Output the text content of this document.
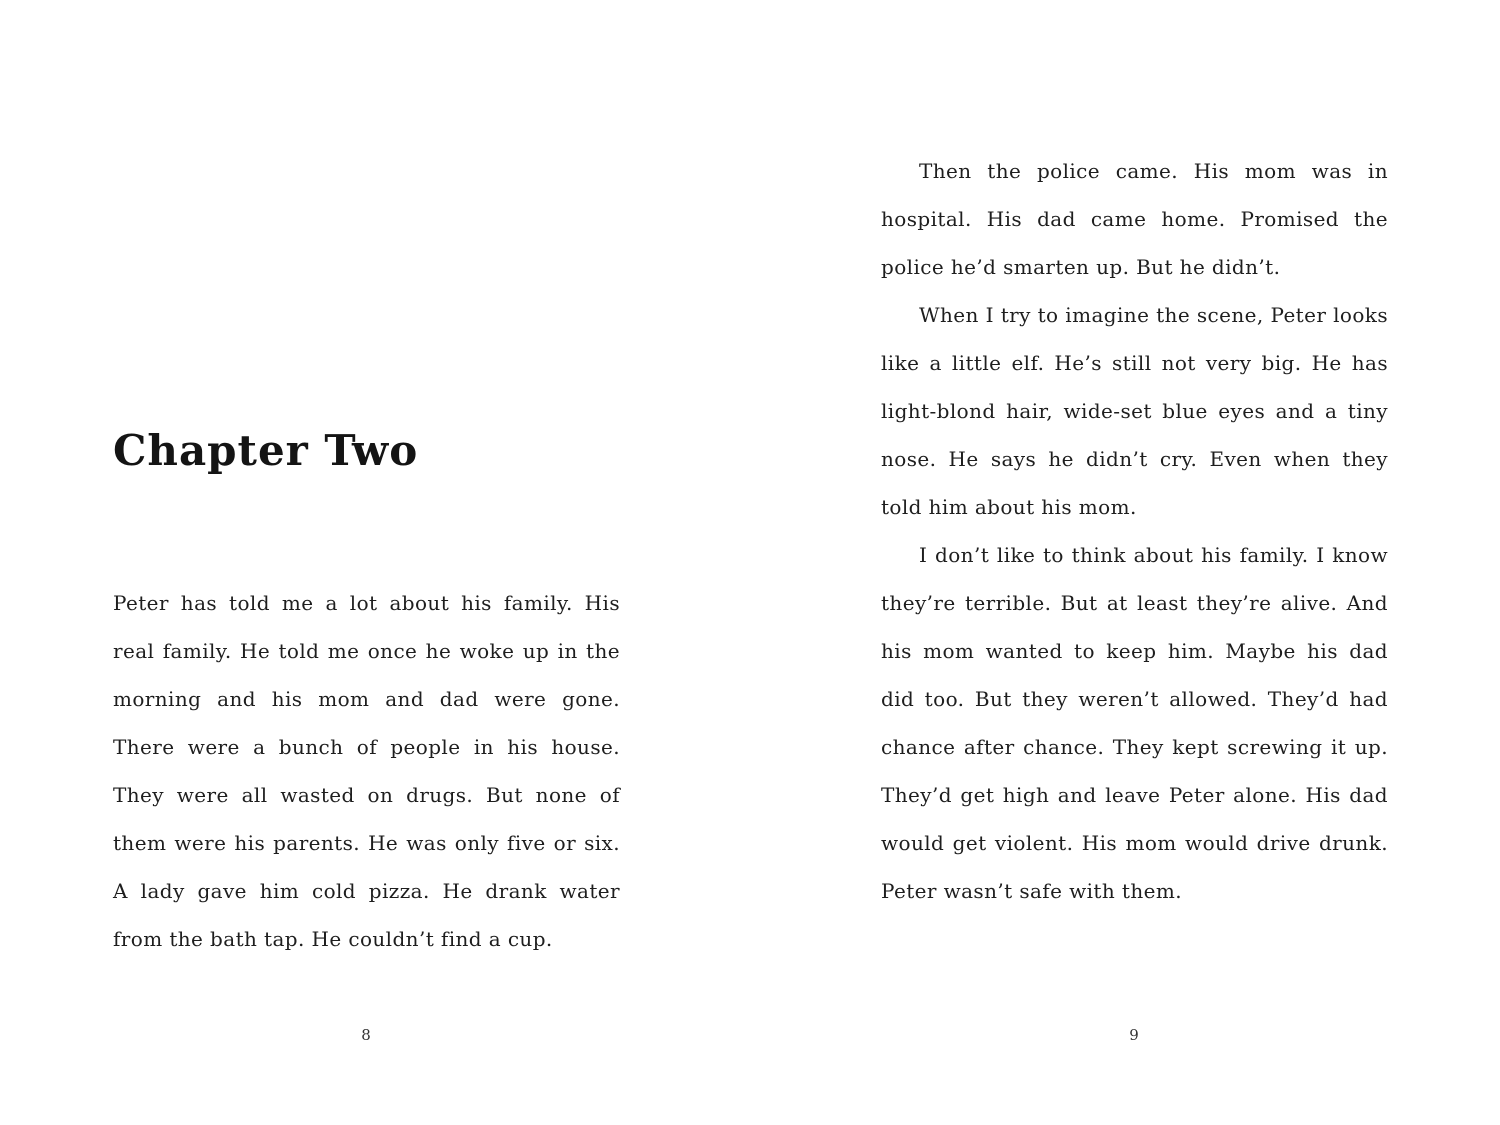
Chapter Two

Peter has told me a lot about his family. His real family. He told me once he woke up in the morning and his mom and dad were gone. There were a bunch of people in his house. They were all wasted on drugs. But none of them were his parents. He was only five or six. A lady gave him cold pizza. He drank water from the bath tap. He couldn’t find a cup.

8

Then the police came. His mom was in hospital. His dad came home. Promised the police he’d smarten up. But he didn’t.

When I try to imagine the scene, Peter looks like a little elf. He’s still not very big. He has light-blond hair, wide-set blue eyes and a tiny nose. He says he didn’t cry. Even when they told him about his mom.

I don’t like to think about his family. I know they’re terrible. But at least they’re alive. And his mom wanted to keep him. Maybe his dad did too. But they weren’t allowed. They’d had chance after chance. They kept screwing it up. They’d get high and leave Peter alone. His dad would get violent. His mom would drive drunk. Peter wasn’t safe with them.

9
